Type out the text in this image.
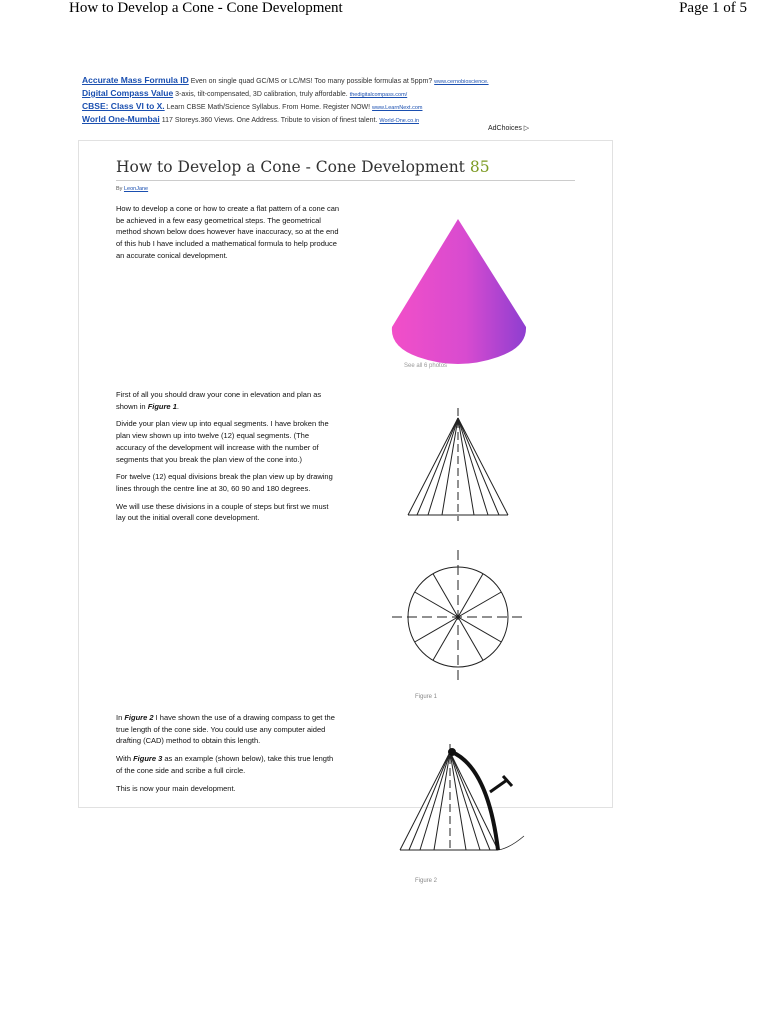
How to Develop a Cone - Cone Development	Page 1 of 5
Accurate Mass Formula ID Even on single quad GC/MS or LC/MS! Too many possible formulas at 5ppm? www.cernobioscience.
Digital Compass Value 3-axis, tilt-compensated, 3D calibration, truly affordable. thedigitalcompass.com/
CBSE: Class VI to X. Learn CBSE Math/Science Syllabus. From Home. Register NOW! www.LearnNext.com
World One-Mumbai 117 Storeys.360 Views. One Address. Tribute to vision of finest talent. World-One.co.in
AdChoices ▷
How to Develop a Cone - Cone Development 85
By LeonJane

How to develop a cone or how to create a flat pattern of a cone can be achieved in a few easy geometrical steps. The geometrical method shown below does however have inaccuracy, so at the end of this hub I have included a mathematical formula to help produce an accurate conical development.

See all 6 photos

First of all you should draw your cone in elevation and plan as shown in Figure 1.

Divide your plan view up into equal segments. I have broken the plan view shown up into twelve (12) equal segments. (The accuracy of the development will increase with the number of segments that you break the plan view of the cone into.)

For twelve (12) equal divisions break the plan view up by drawing lines through the centre line at 30, 60 90 and 180 degrees.

We will use these divisions in a couple of steps but first we must lay out the initial overall cone development.

Figure 1

In Figure 2 I have shown the use of a drawing compass to get the true length of the cone side. You could use any computer aided drafting (CAD) method to obtain this length.

With Figure 3 as an example (shown below), take this true length of the cone side and scribe a full circle.

This is now your main development.

Figure 2
